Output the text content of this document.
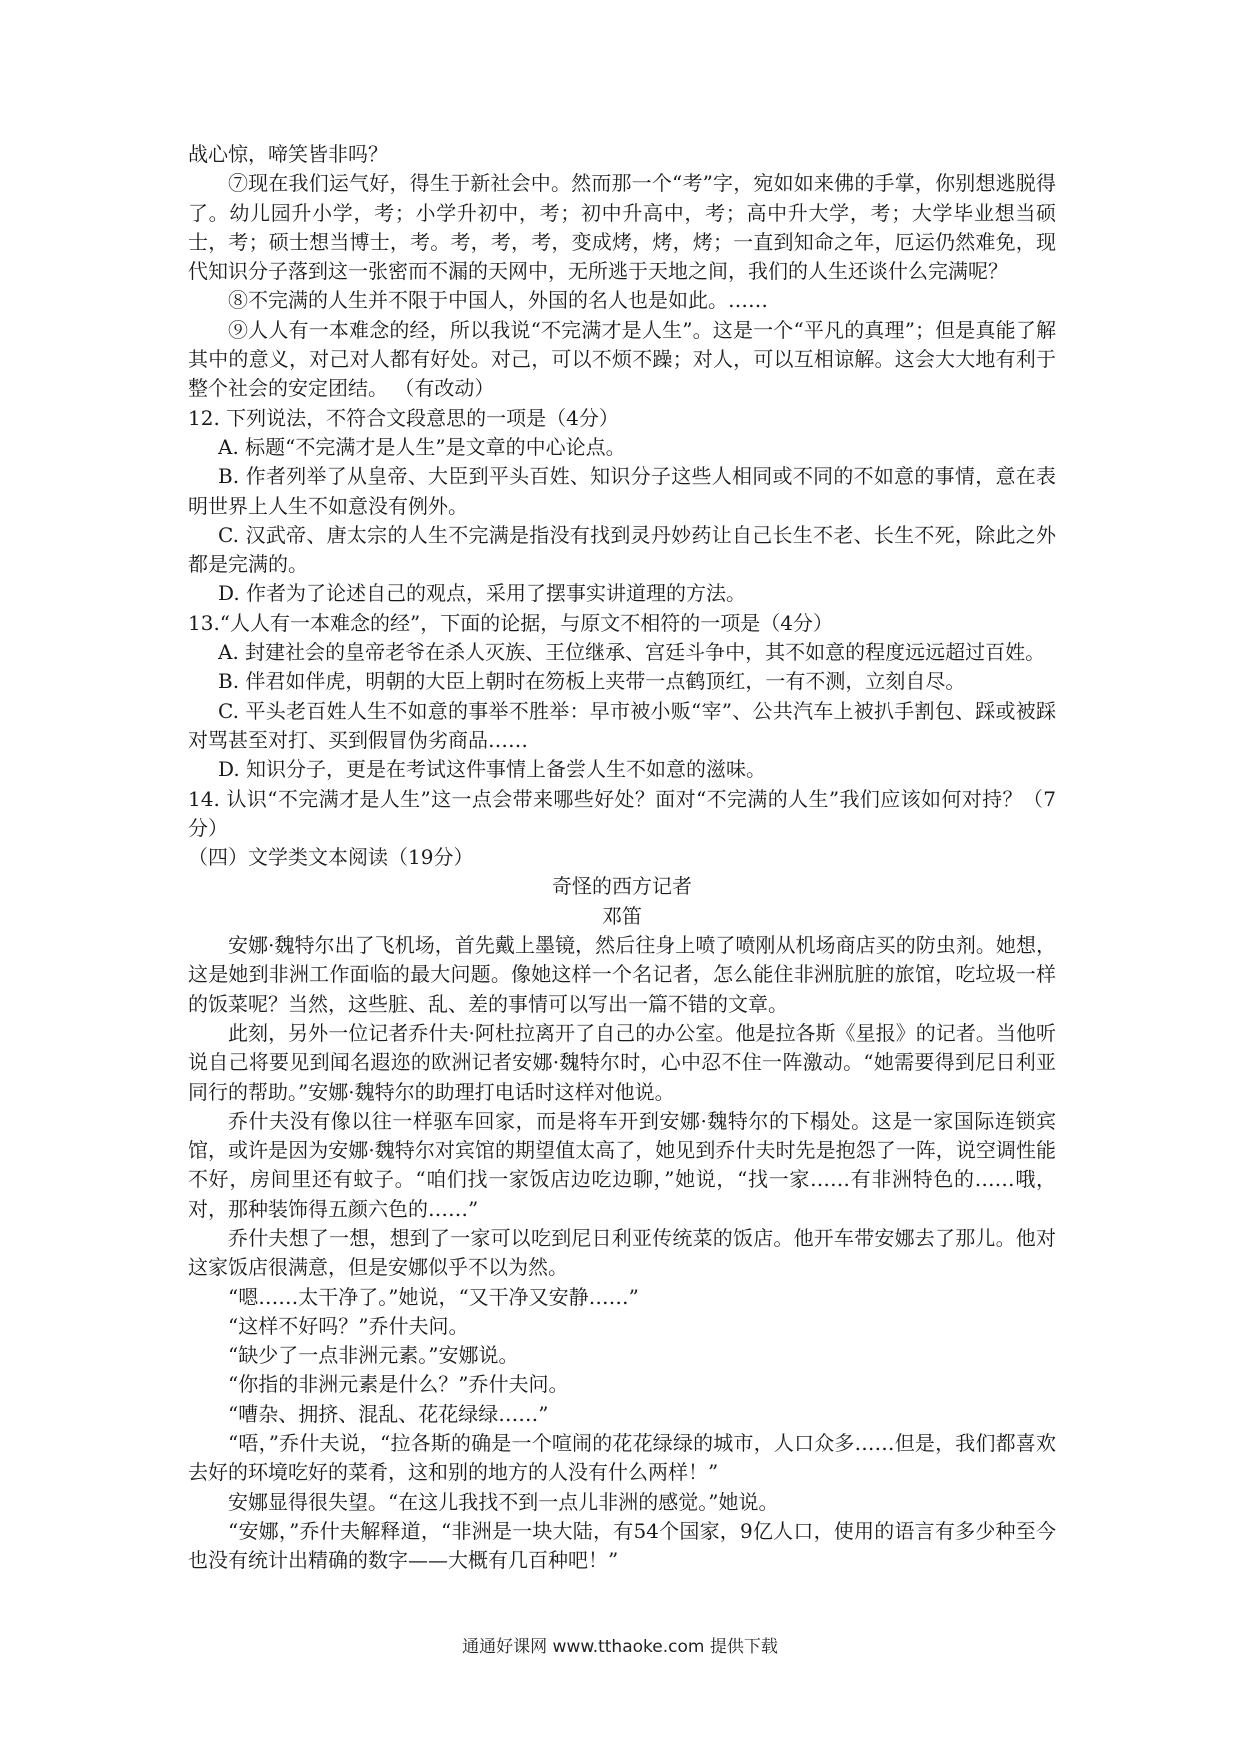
战心惊，啼笑皆非吗？

⑦现在我们运气好，得生于新社会中。然而那一个“考”字，宛如如来佛的手掌，你别想逃脱得了。幼儿园升小学，考；小学升初中，考；初中升高中，考；高中升大学，考；大学毕业想当硕士，考；硕士想当博士，考。考，考，考，变成烤，烤，烤；一直到知命之年，厄运仍然难免，现代知识分子落到这一张密而不漏的天网中，无所逃于天地之间，我们的人生还谈什么完满呢？

⑧不完满的人生并不限于中国人，外国的名人也是如此。……

⑨人人有一本难念的经，所以我说“不完满才是人生”。这是一个“平凡的真理”；但是真能了解其中的意义，对己对人都有好处。对己，可以不烦不躁；对人，可以互相谅解。这会大大地有利于整个社会的安定团结。 （有改动）

12. 下列说法，不符合文段意思的一项是（4分）

A. 标题“不完满才是人生”是文章的中心论点。

B. 作者列举了从皇帝、大臣到平头百姓、知识分子这些人相同或不同的不如意的事情，意在表明世界上人生不如意没有例外。

C. 汉武帝、唐太宗的人生不完满是指没有找到灵丹妙药让自己长生不老、长生不死，除此之外都是完满的。

D. 作者为了论述自己的观点，采用了摆事实讲道理的方法。

13.“人人有一本难念的经”，下面的论据，与原文不相符的一项是（4分）

A. 封建社会的皇帝老爷在杀人灭族、王位继承、宫廷斗争中，其不如意的程度远远超过百姓。

B. 伴君如伴虎，明朝的大臣上朝时在笏板上夹带一点鹤顶红，一有不测，立刻自尽。

C. 平头老百姓人生不如意的事举不胜举：早市被小贩“宰”、公共汽车上被扒手割包、踩或被踩对骂甚至对打、买到假冒伪劣商品……

D. 知识分子，更是在考试这件事情上备尝人生不如意的滋味。

14. 认识“不完满才是人生”这一点会带来哪些好处？面对“不完满的人生”我们应该如何对持？（7分）

（四）文学类文本阅读（19分）

奇怪的西方记者

邓笛

安娜·魏特尔出了飞机场，首先戴上墨镜，然后往身上喷了喷刚从机场商店买的防虫剂。她想，这是她到非洲工作面临的最大问题。像她这样一个名记者，怎么能住非洲肮脏的旅馆，吃垃圾一样的饭菜呢？当然，这些脏、乱、差的事情可以写出一篇不错的文章。

此刻，另外一位记者乔什夫·阿杜拉离开了自己的办公室。他是拉各斯《星报》的记者。当他听说自己将要见到闻名遐迩的欧洲记者安娜·魏特尔时，心中忍不住一阵激动。“她需要得到尼日利亚同行的帮助。”安娜·魏特尔的助理打电话时这样对他说。

乔什夫没有像以往一样驱车回家，而是将车开到安娜·魏特尔的下榻处。这是一家国际连锁宾馆，或许是因为安娜·魏特尔对宾馆的期望值太高了，她见到乔什夫时先是抱怨了一阵，说空调性能不好，房间里还有蚊子。“咱们找一家饭店边吃边聊，”她说，“找一家……有非洲特色的……哦，对，那种装饰得五颜六色的……”

乔什夫想了一想，想到了一家可以吃到尼日利亚传统菜的饭店。他开车带安娜去了那儿。他对这家饭店很满意，但是安娜似乎不以为然。

“嗯……太干净了。”她说，“又干净又安静……”

“这样不好吗？”乔什夫问。

“缺少了一点非洲元素。”安娜说。

“你指的非洲元素是什么？”乔什夫问。

“嘈杂、拥挤、混乱、花花绿绿……”

“唔，”乔什夫说，“拉各斯的确是一个喧闹的花花绿绿的城市，人口众多……但是，我们都喜欢去好的环境吃好的菜肴，这和别的地方的人没有什么两样！”

安娜显得很失望。“在这儿我找不到一点儿非洲的感觉。”她说。

“安娜，”乔什夫解释道，“非洲是一块大陆，有54个国家，9亿人口，使用的语言有多少种至今也没有统计出精确的数字——大概有几百种吧！”

通通好课网 www.tthaoke.com 提供下载
